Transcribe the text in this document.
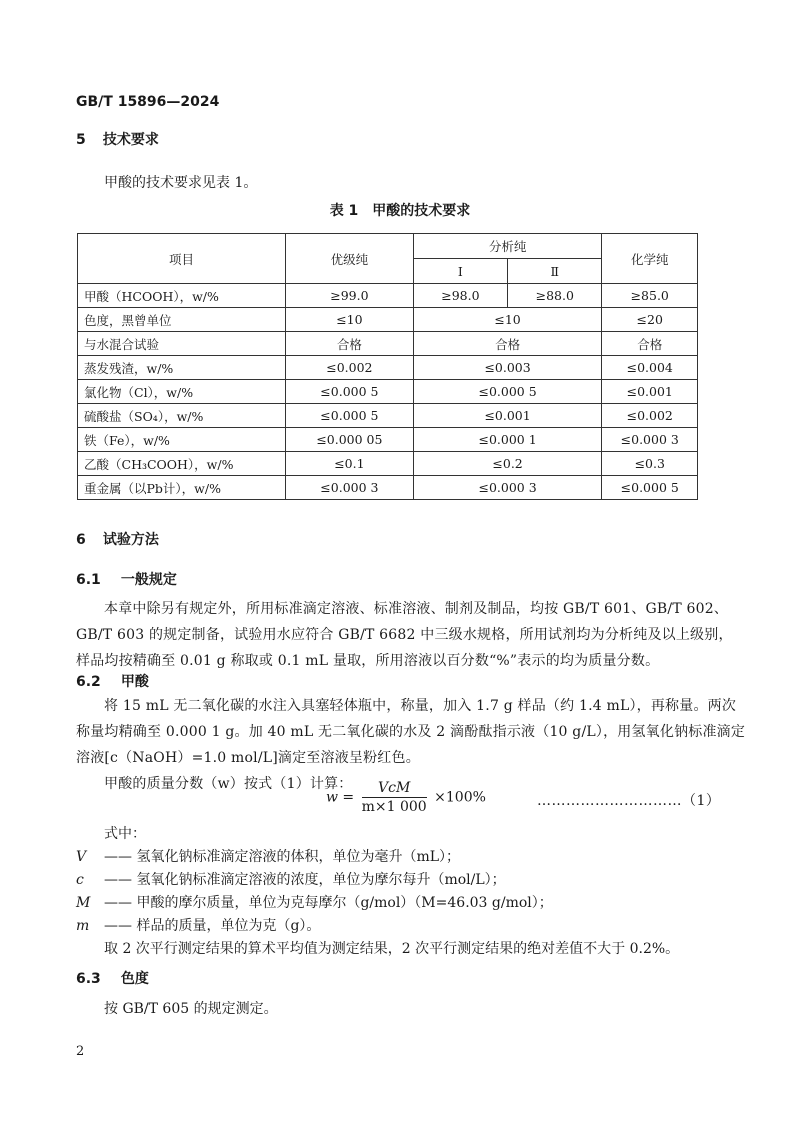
GB/T 15896—2024
5 技术要求
甲酸的技术要求见表 1。
表 1　甲酸的技术要求
项目	优级纯	分析纯		化学纯
		Ⅰ	Ⅱ	
甲酸（HCOOH），w/%	≥99.0	≥98.0	≥88.0	≥85.0
色度，黑曾单位	≤10	≤10		≤20
与水混合试验	合格	合格		合格
蒸发残渣，w/%	≤0.002	≤0.003		≤0.004
氯化物（Cl），w/%	≤0.000 5	≤0.000 5		≤0.001
硫酸盐（SO₄），w/%	≤0.000 5	≤0.001		≤0.002
铁（Fe），w/%	≤0.000 05	≤0.000 1		≤0.000 3
乙酸（CH₃COOH），w/%	≤0.1	≤0.2		≤0.3
重金属（以Pb计），w/%	≤0.000 3	≤0.000 3		≤0.000 5
6 试验方法
6.1 一般规定
本章中除另有规定外，所用标准滴定溶液、标准溶液、制剂及制品，均按 GB/T 601、GB/T 602、
GB/T 603 的规定制备，试验用水应符合 GB/T 6682 中三级水规格，所用试剂均为分析纯及以上级别，
样品均按精确至 0.01 g 称取或 0.1 mL 量取，所用溶液以百分数“%”表示的均为质量分数。
6.2 甲酸
将 15 mL 无二氧化碳的水注入具塞轻体瓶中，称量，加入 1.7 g 样品（约 1.4 mL），再称量。两次
称量均精确至 0.000 1 g。加 40 mL 无二氧化碳的水及 2 滴酚酞指示液（10 g/L），用氢氧化钠标准滴定
溶液[c（NaOH）=1.0 mol/L]滴定至溶液呈粉红色。
甲酸的质量分数（w）按式（1）计算：
$w = \frac{\text{VcM}}{m\times 1 000} \times 100\%$	…………………………（1）
式中：
V —— 氢氧化钠标准滴定溶液的体积，单位为毫升（mL）；
c —— 氢氧化钠标准滴定溶液的浓度，单位为摩尔每升（mol/L）；
M —— 甲酸的摩尔质量，单位为克每摩尔（g/mol）（M=46.03 g/mol）；
m —— 样品的质量，单位为克（g）。
取 2 次平行测定结果的算术平均值为测定结果，2 次平行测定结果的绝对差值不大于 0.2%。
6.3 色度
按 GB/T 605 的规定测定。
2
